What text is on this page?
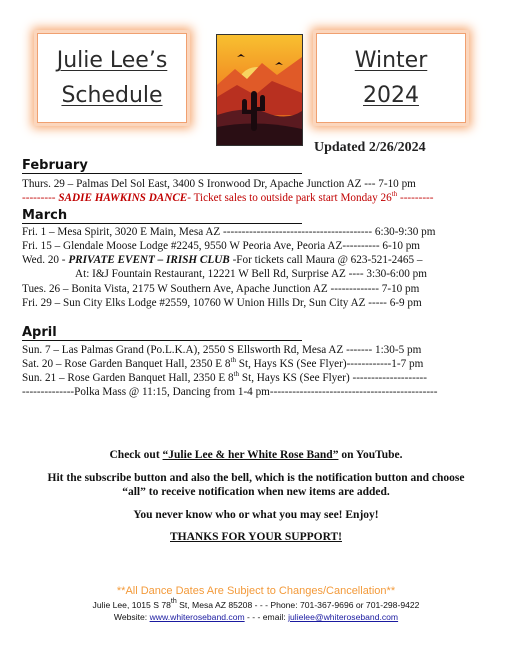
Julie Lee’s
Schedule
Winter
2024
Updated 2/26/2024
February
Thurs. 29 – Palmas Del Sol East, 3400 S Ironwood Dr, Apache Junction AZ --- 7-10 pm
--------- SADIE HAWKINS DANCE- Ticket sales to outside park start Monday 26th ---------
March
Fri. 1 – Mesa Spirit, 3020 E Main, Mesa AZ ---------------------------------------- 6:30-9:30 pm
Fri. 15 – Glendale Moose Lodge #2245, 9550 W Peoria Ave, Peoria AZ---------- 6-10 pm
Wed. 20 - PRIVATE EVENT – IRISH CLUB -For tickets call Maura @ 623-521-2465 –
At: I&J Fountain Restaurant, 12221 W Bell Rd, Surprise AZ ---- 3:30-6:00 pm
Tues. 26 – Bonita Vista, 2175 W Southern Ave, Apache Junction AZ ------------- 7-10 pm
Fri. 29 – Sun City Elks Lodge #2559, 10760 W Union Hills Dr, Sun City AZ ----- 6-9 pm
April
Sun. 7 – Las Palmas Grand (Po.L.K.A), 2550 S Ellsworth Rd, Mesa AZ ------- 1:30-5 pm
Sat. 20 – Rose Garden Banquet Hall, 2350 E 8th St, Hays KS (See Flyer)------------1-7 pm
Sun. 21 – Rose Garden Banquet Hall, 2350 E 8th St, Hays KS (See Flyer) --------------------
--------------Polka Mass @ 11:15, Dancing from 1-4 pm---------------------------------------------
Check out “Julie Lee & her White Rose Band” on YouTube.
Hit the subscribe button and also the bell, which is the notification button and choose
“all” to receive notification when new items are added.
You never know who or what you may see! Enjoy!
THANKS FOR YOUR SUPPORT!
**All Dance Dates Are Subject to Changes/Cancellation**
Julie Lee, 1015 S 78th St, Mesa AZ 85208 - - - Phone: 701-367-9696 or 701-298-9422
Website: www.whiteroseband.com - - - email: julielee@whiteroseband.com
